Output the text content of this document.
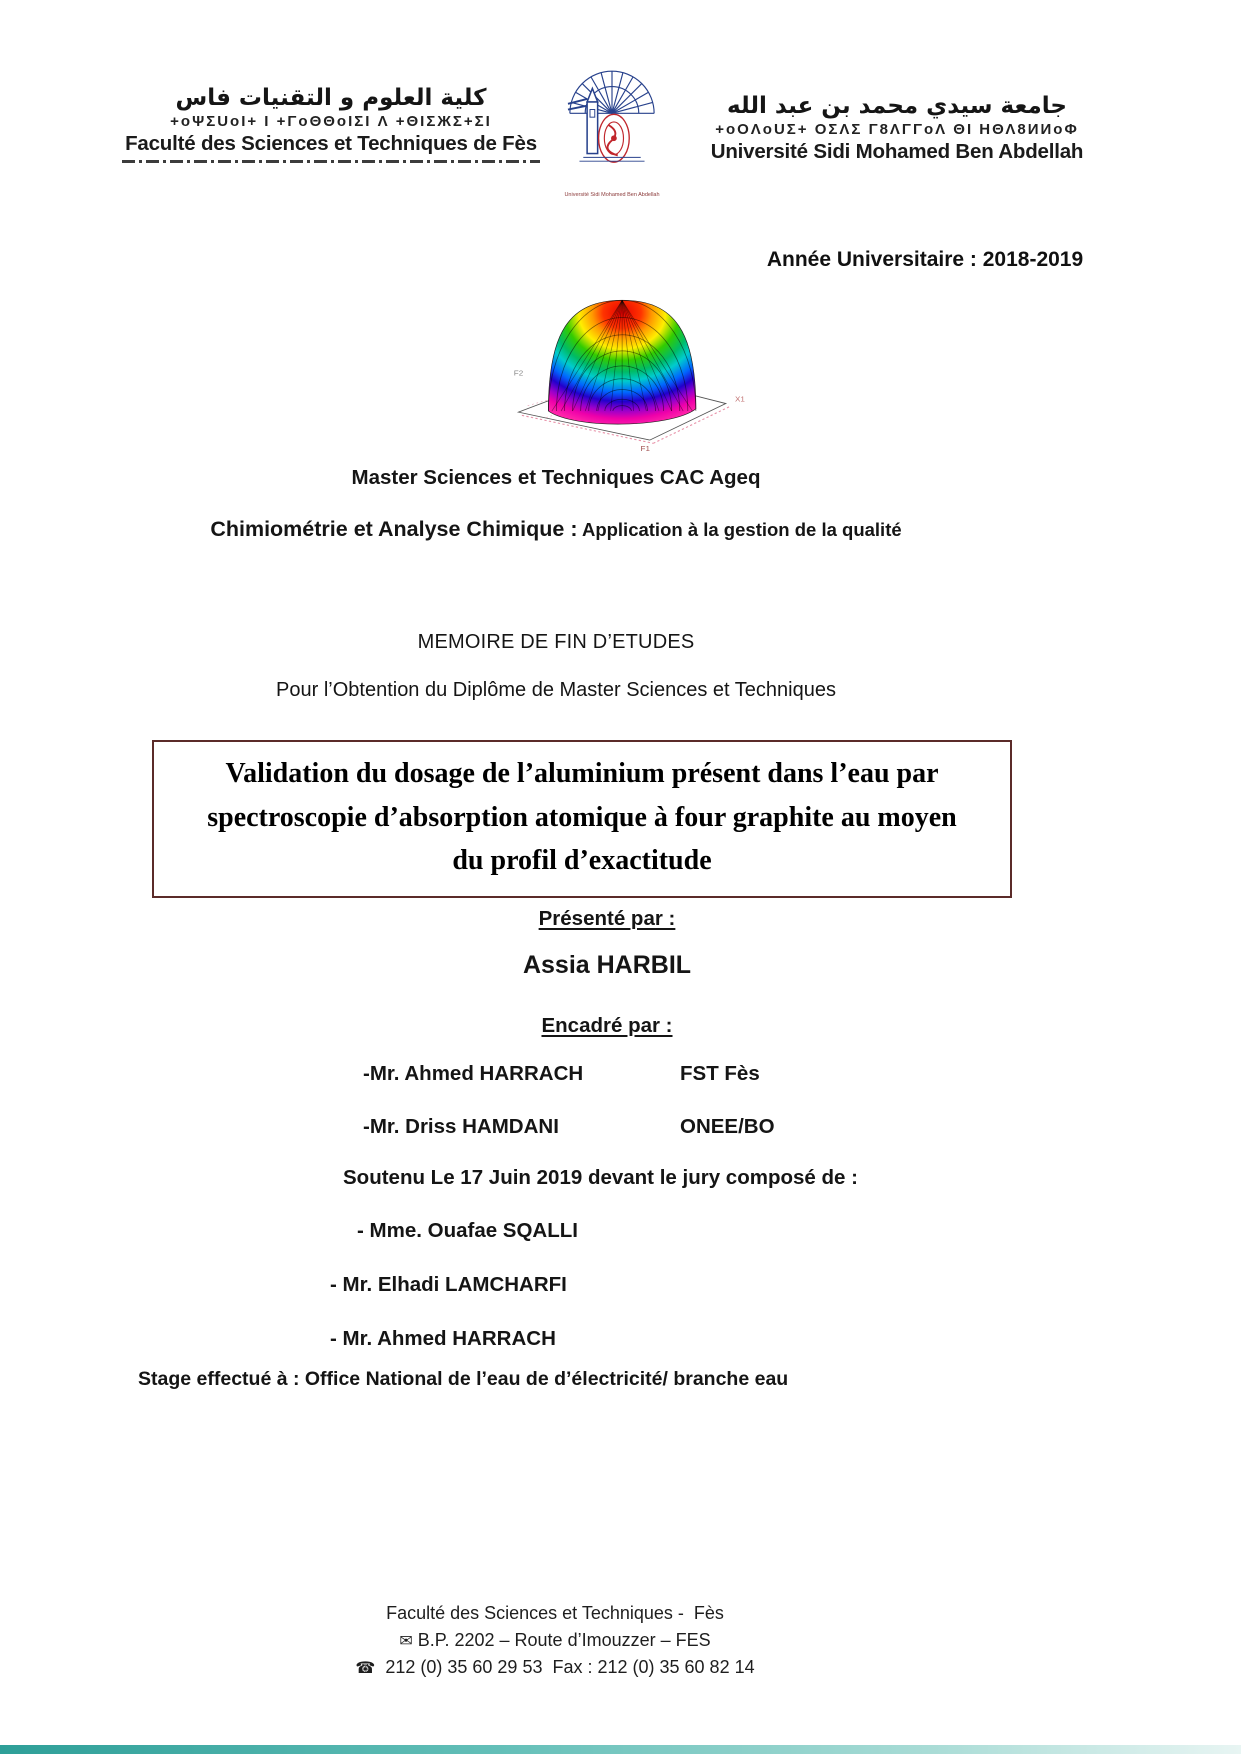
كلية العلوم و التقنيات فاس
+oΨΣUoI+ I +ΓoΘΘoIΣI Λ +ΘIΣЖΣ+ΣI
Faculté des Sciences et Techniques de Fès
Université Sidi Mohamed Ben Abdellah
جامعة سيدي محمد بن عبد الله
+oOΛoUΣ+ OΣΛΣ Γ8ΛΓΓoΛ ΘI ΗΘΛ8ИИoΦ
Université Sidi Mohamed Ben Abdellah
Année Universitaire : 2018-2019
F2
F1
X1
Master Sciences et Techniques CAC Ageq
Chimiométrie et Analyse Chimique : Application à la gestion de la qualité
MEMOIRE DE FIN D’ETUDES
Pour l’Obtention du Diplôme de Master Sciences et Techniques
Validation du dosage de l’aluminium présent dans l’eau par
spectroscopie d’absorption atomique à four graphite au moyen
du profil d’exactitude
Présenté par :
Assia HARBIL
Encadré par :
-Mr. Ahmed HARRACH	FST Fès
-Mr. Driss HAMDANI	ONEE/BO
Soutenu Le 17 Juin 2019 devant le jury composé de :
- Mme. Ouafae SQALLI
- Mr. Elhadi LAMCHARFI
- Mr. Ahmed HARRACH
Stage effectué à : Office National de l’eau de d’électricité/ branche eau
Faculté des Sciences et Techniques -  Fès
✉ B.P. 2202 – Route d’Imouzzer – FES
☎ 212 (0) 35 60 29 53  Fax : 212 (0) 35 60 82 14
